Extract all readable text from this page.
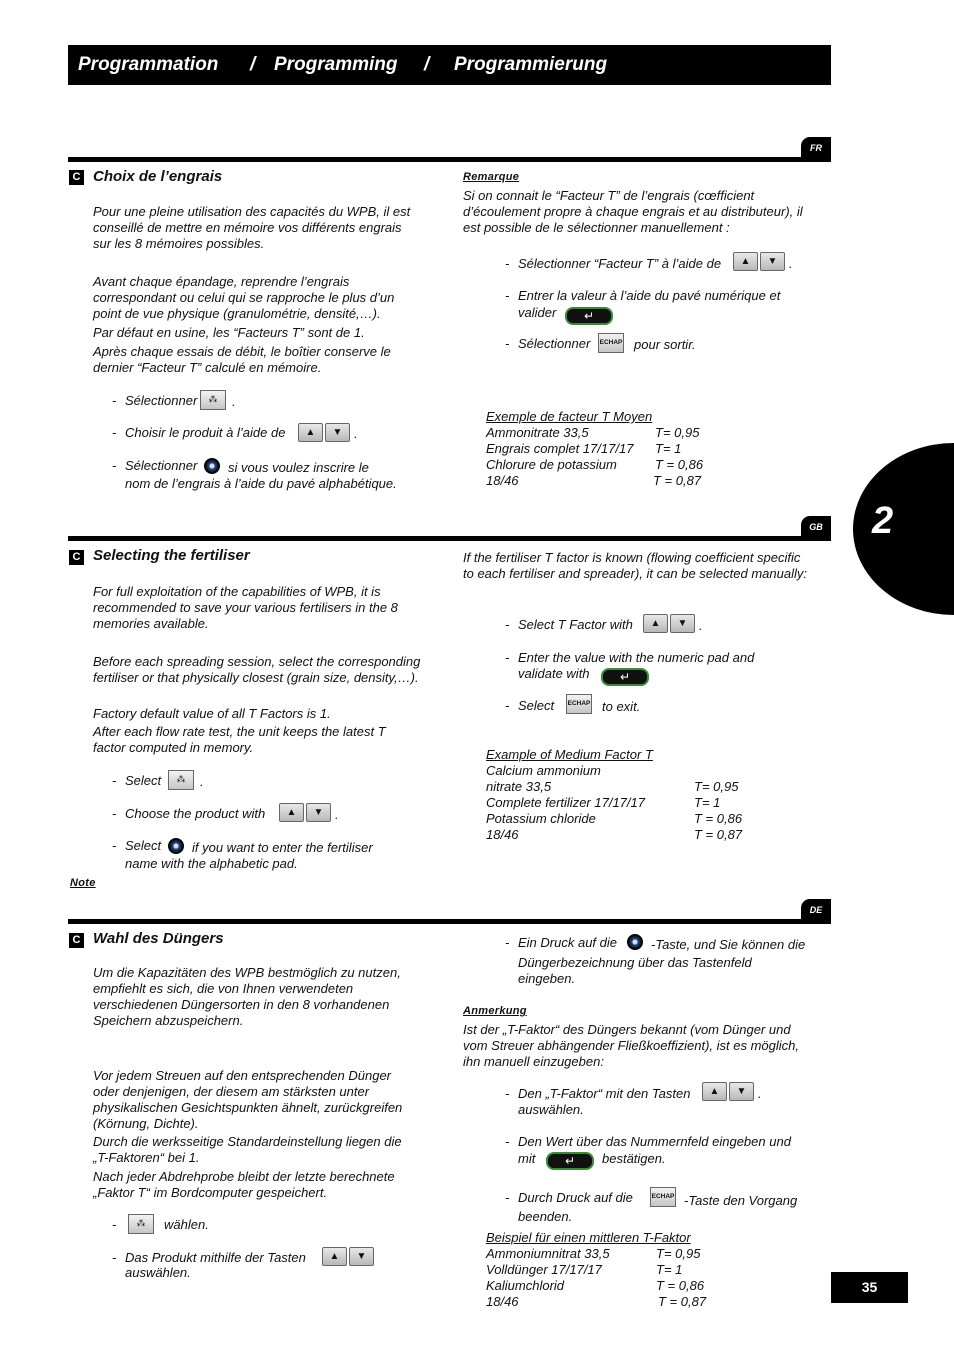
Programmation / Programming / Programmierung
2
FR
C Choix de l’engrais
Pour une pleine utilisation des capacités du WPB, il est conseillé de mettre en mémoire vos différents engrais sur les 8 mémoires possibles.
Avant chaque épandage, reprendre l’engrais correspondant ou celui qui se rapproche le plus d’un point de vue physique (granulométrie, densité,…).
Par défaut en usine, les “Facteurs T” sont de 1.
Après chaque essais de débit, le boîtier conserve le dernier “Facteur T” calculé en mémoire.
- Sélectionner	⁂	.
- Choisir le produit à l’aide de	▲	▼ .
- Sélectionner si vous voulez inscrire le
nom de l’engrais à l’aide du pavé alphabétique.
Remarque
Si on connait le “Facteur T” de l’engrais (cœfficient d’écoulement propre à chaque engrais et au distributeur), il est possible de le sélectionner manuellement :
- Sélectionner “Facteur T” à l’aide de	▲	▼ .
- Entrer la valeur à l’aide du pavé numérique et
valider	↵
- Sélectionner ECHAP pour sortir.
Exemple de facteur T Moyen
Ammonitrate 33,5	T= 0,95
Engrais complet 17/17/17 T= 1
Chlorure de potassium	T = 0,86
18/46	T = 0,87
GB
C Selecting the fertiliser
For full exploitation of the capabilities of WPB, it is recommended to save your various fertilisers in the 8 memories available.
Before each spreading session, select the corresponding fertiliser or that physically closest (grain size, density,…).
Factory default value of all T Factors is 1.
After each flow rate test, the unit keeps the latest T factor computed in memory.
- Select	⁂	.
- Choose the product with	▲	▼ .
- Select if you want to enter the fertiliser
name with the alphabetic pad.
Note
If the fertiliser T factor is known (flowing coefficient specific to each fertiliser and spreader), it can be selected manually:
- Select T Factor with	▲	▼ .
- Enter the value with the numeric pad and
validate with	↵
- Select ECHAP to exit.
Example of Medium Factor T
Calcium ammonium
nitrate 33,5	T= 0,95
Complete fertilizer 17/17/17	T= 1
Potassium chloride	T = 0,86
18/46	T = 0,87
DE
C Wahl des Düngers
Um die Kapazitäten des WPB bestmöglich zu nutzen, empfiehlt es sich, die von Ihnen verwendeten verschiedenen Düngersorten in den 8 vorhandenen Speichern abzuspeichern.
Vor jedem Streuen auf den entsprechenden Dünger oder denjenigen, der diesem am stärksten unter physikalischen Gesichtspunkten ähnelt, zurückgreifen (Körnung, Dichte).
Durch die werksseitige Standardeinstellung liegen die „T-Faktoren“ bei 1.
Nach jeder Abdrehprobe bleibt der letzte berechnete „Faktor T“ im Bordcomputer gespeichert.
-	⁂	wählen.
- Das Produkt mithilfe der Tasten	▲	▼
auswählen.
- Ein Druck auf die	-Taste, und Sie können die
Düngerbezeichnung über das Tastenfeld eingeben.
Anmerkung
Ist der „T-Faktor“ des Düngers bekannt (vom Dünger und vom Streuer abhängender Fließkoeffizient), ist es möglich, ihn manuell einzugeben:
- Den „T-Faktor“ mit den Tasten	▲	▼ .
auswählen.
- Den Wert über das Nummernfeld eingeben und
mit	↵	bestätigen.
- Durch Druck auf die	ECHAP -Taste den Vorgang
beenden.
Beispiel für einen mittleren T-Faktor
Ammoniumnitrat 33,5	T= 0,95
Volldünger 17/17/17	T= 1
Kaliumchlorid	T = 0,86
18/46	T = 0,87
35
